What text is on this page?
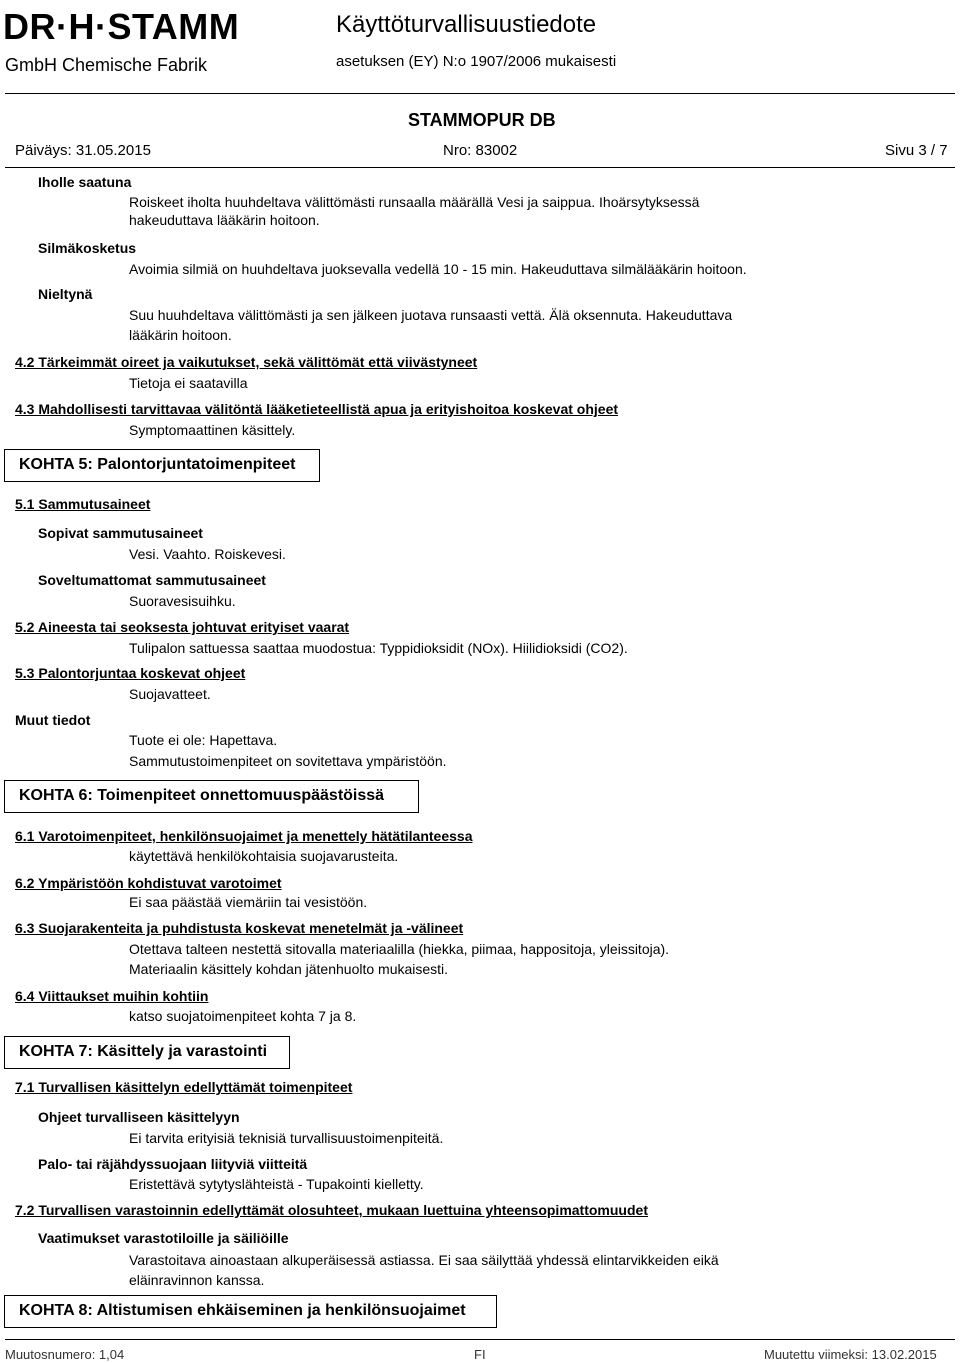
DR·H·STAMM
GmbH Chemische Fabrik
Käyttöturvallisuustiedote
asetuksen (EY) N:o 1907/2006 mukaisesti
STAMMOPUR DB
Päiväys: 31.05.2015	Nro: 83002	Sivu 3 / 7
Iholle saatuna
Roiskeet iholta huuhdeltava välittömästi runsaalla määrällä Vesi ja saippua. Ihoärsytyksessä
hakeuduttava lääkärin hoitoon.
Silmäkosketus
Avoimia silmiä on huuhdeltava juoksevalla vedellä 10 - 15 min. Hakeuduttava silmälääkärin hoitoon.
Nieltynä
Suu huuhdeltava välittömästi ja sen jälkeen juotava runsaasti vettä. Älä oksennuta. Hakeuduttava
lääkärin hoitoon.
4.2 Tärkeimmät oireet ja vaikutukset, sekä välittömät että viivästyneet
Tietoja ei saatavilla
4.3 Mahdollisesti tarvittavaa välitöntä lääketieteellistä apua ja erityishoitoa koskevat ohjeet
Symptomaattinen käsittely.
KOHTA 5: Palontorjuntatoimenpiteet
5.1 Sammutusaineet
Sopivat sammutusaineet
Vesi. Vaahto. Roiskevesi.
Soveltumattomat sammutusaineet
Suoravesisuihku.
5.2 Aineesta tai seoksesta johtuvat erityiset vaarat
Tulipalon sattuessa saattaa muodostua: Typpidioksidit (NOx). Hiilidioksidi (CO2).
5.3 Palontorjuntaa koskevat ohjeet
Suojavatteet.
Muut tiedot
Tuote ei ole: Hapettava.
Sammutustoimenpiteet on sovitettava ympäristöön.
KOHTA 6: Toimenpiteet onnettomuuspäästöissä
6.1 Varotoimenpiteet, henkilönsuojaimet ja menettely hätätilanteessa
käytettävä henkilökohtaisia suojavarusteita.
6.2 Ympäristöön kohdistuvat varotoimet
Ei saa päästää viemäriin tai vesistöön.
6.3 Suojarakenteita ja puhdistusta koskevat menetelmät ja -välineet
Otettava talteen nestettä sitovalla materiaalilla (hiekka, piimaa, happositoja, yleissitoja).
Materiaalin käsittely kohdan jätenhuolto mukaisesti.
6.4 Viittaukset muihin kohtiin
katso suojatoimenpiteet kohta 7 ja 8.
KOHTA 7: Käsittely ja varastointi
7.1 Turvallisen käsittelyn edellyttämät toimenpiteet
Ohjeet turvalliseen käsittelyyn
Ei tarvita erityisiä teknisiä turvallisuustoimenpiteitä.
Palo- tai räjähdyssuojaan liityviä viitteitä
Eristettävä sytytyslähteistä - Tupakointi kielletty.
7.2 Turvallisen varastoinnin edellyttämät olosuhteet, mukaan luettuina yhteensopimattomuudet
Vaatimukset varastotiloille ja säiliöille
Varastoitava ainoastaan alkuperäisessä astiassa. Ei saa säilyttää yhdessä elintarvikkeiden eikä
eläinravinnon kanssa.
KOHTA 8: Altistumisen ehkäiseminen ja henkilönsuojaimet
Muutosnumero: 1,04	FI	Muutettu viimeksi: 13.02.2015
